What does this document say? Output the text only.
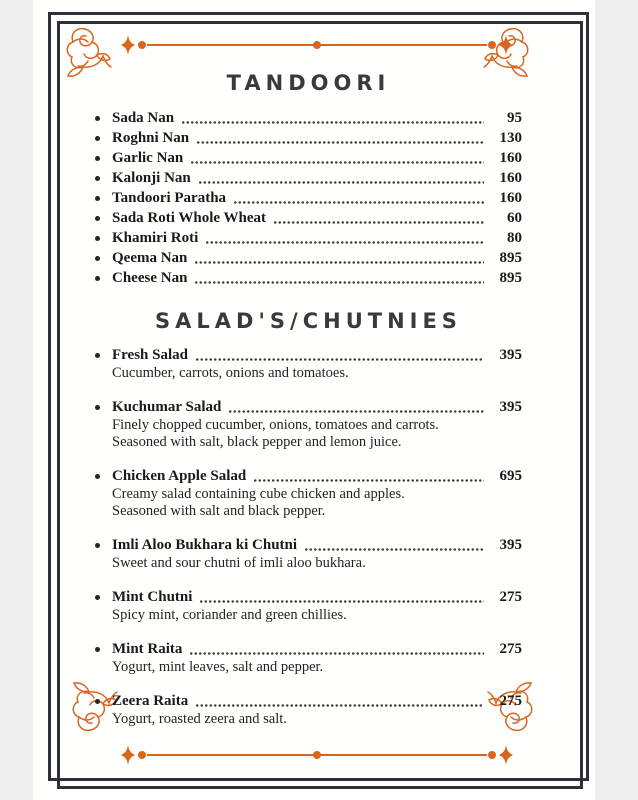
TANDOORI
Sada Nan	95
Roghni Nan	130
Garlic Nan	160
Kalonji Nan	160
Tandoori Paratha	160
Sada Roti Whole Wheat	60
Khamiri Roti	80
Qeema Nan	895
Cheese Nan	895
SALAD'S/CHUTNIES
Fresh Salad	395
Cucumber, carrots, onions and tomatoes.
Kuchumar Salad	395
Finely chopped cucumber, onions, tomatoes and carrots.
Seasoned with salt, black pepper and lemon juice.
Chicken Apple Salad	695
Creamy salad containing cube chicken and apples.
Seasoned with salt and black pepper.
Imli Aloo Bukhara ki Chutni	395
Sweet and sour chutni of imli aloo bukhara.
Mint Chutni	275
Spicy mint, coriander and green chillies.
Mint Raita	275
Yogurt, mint leaves, salt and pepper.
Zeera Raita	275
Yogurt, roasted zeera and salt.
